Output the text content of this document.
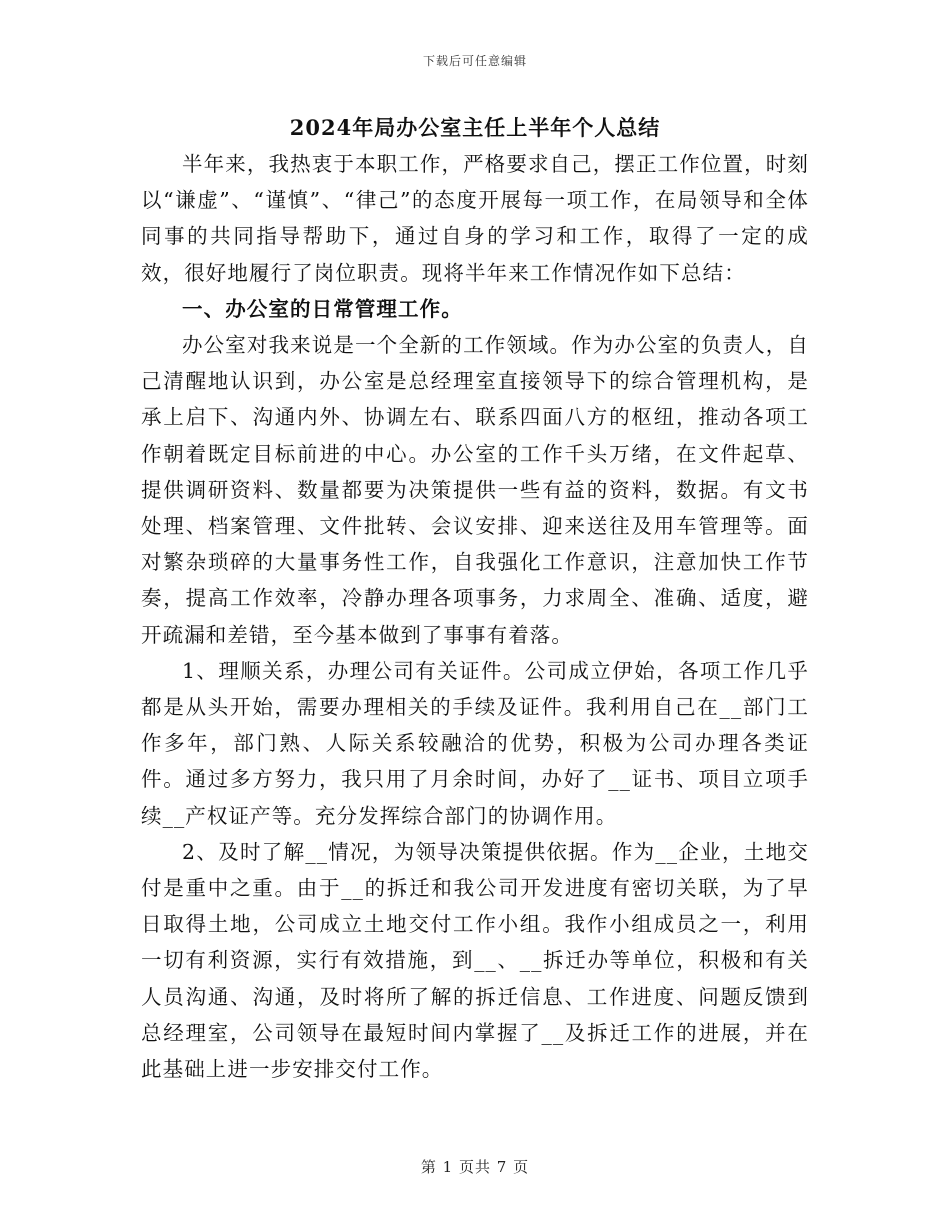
下载后可任意编辑
2024年局办公室主任上半年个人总结

半年来，我热衷于本职工作，严格要求自己，摆正工作位置，时刻以“谦虚”、“谨慎”、“律己”的态度开展每一项工作，在局领导和全体同事的共同指导帮助下，通过自身的学习和工作，取得了一定的成效，很好地履行了岗位职责。现将半年来工作情况作如下总结：

一、办公室的日常管理工作。

办公室对我来说是一个全新的工作领域。作为办公室的负责人，自己清醒地认识到，办公室是总经理室直接领导下的综合管理机构，是承上启下、沟通内外、协调左右、联系四面八方的枢纽，推动各项工作朝着既定目标前进的中心。办公室的工作千头万绪，在文件起草、提供调研资料、数量都要为决策提供一些有益的资料，数据。有文书处理、档案管理、文件批转、会议安排、迎来送往及用车管理等。面对繁杂琐碎的大量事务性工作，自我强化工作意识，注意加快工作节奏，提高工作效率，冷静办理各项事务，力求周全、准确、适度，避开疏漏和差错，至今基本做到了事事有着落。

1、理顺关系，办理公司有关证件。公司成立伊始，各项工作几乎都是从头开始，需要办理相关的手续及证件。我利用自己在__部门工作多年，部门熟、人际关系较融洽的优势，积极为公司办理各类证件。通过多方努力，我只用了月余时间，办好了__证书、项目立项手续__产权证产等。充分发挥综合部门的协调作用。

2、及时了解__情况，为领导决策提供依据。作为__企业，土地交付是重中之重。由于__的拆迁和我公司开发进度有密切关联，为了早日取得土地，公司成立土地交付工作小组。我作小组成员之一，利用一切有利资源，实行有效措施，到__、__拆迁办等单位，积极和有关人员沟通、沟通，及时将所了解的拆迁信息、工作进度、问题反馈到总经理室，公司领导在最短时间内掌握了__及拆迁工作的进展，并在此基础上进一步安排交付工作。

第 1 页共 7 页
